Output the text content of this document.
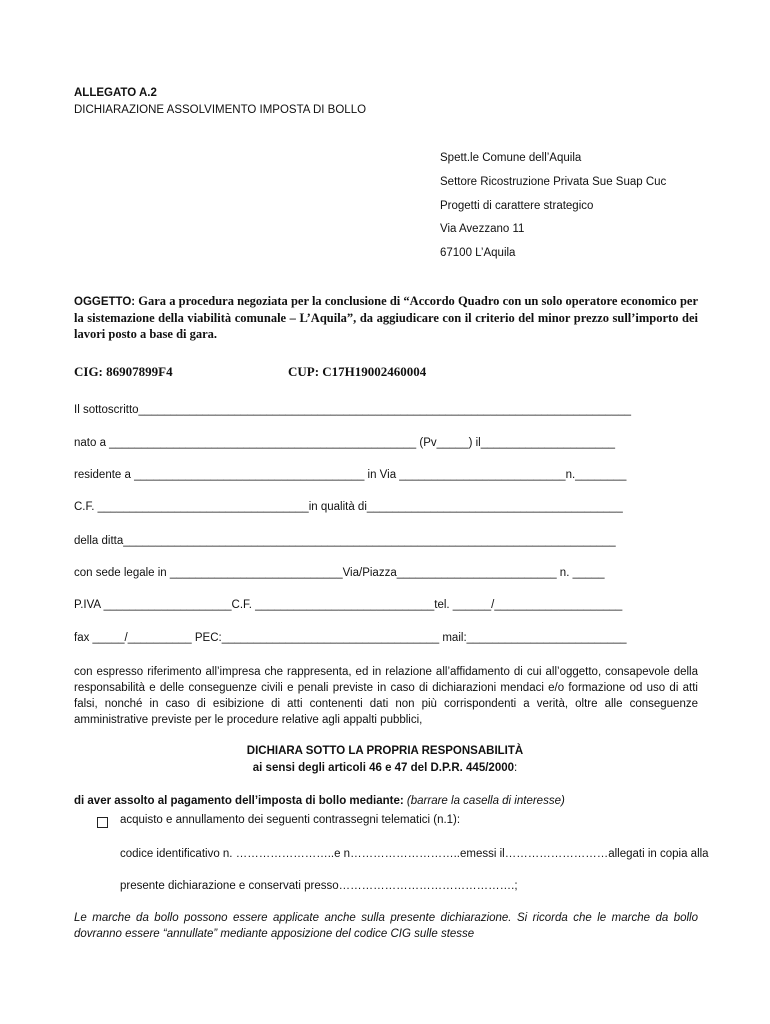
ALLEGATO A.2
DICHIARAZIONE ASSOLVIMENTO IMPOSTA DI BOLLO
Spett.le Comune dell’Aquila
Settore Ricostruzione Privata Sue Suap Cuc
Progetti di carattere strategico
Via Avezzano 11
67100 L’Aquila
OGGETTO: Gara a procedura negoziata per la conclusione di “Accordo Quadro con un solo operatore economico per la sistemazione della viabilità comunale – L’Aquila”, da aggiudicare con il criterio del minor prezzo sull’importo dei lavori posto a base di gara.
CIG: 86907899F4	CUP: C17H19002460004
Il sottoscritto_____________________________________________________________________________
nato a ________________________________________________ (Pv_____) il_____________________
residente a ____________________________________ in Via __________________________n.________
C.F. _________________________________in qualità di________________________________________
della ditta_____________________________________________________________________________
con sede legale in ___________________________Via/Piazza_________________________ n. _____
P.IVA ____________________C.F. ____________________________tel. ______/____________________
fax _____/__________ PEC:__________________________________ mail:_________________________
con espresso riferimento all’impresa che rappresenta, ed in relazione all’affidamento di cui all’oggetto, consapevole della responsabilità e delle conseguenze civili e penali previste in caso di dichiarazioni mendaci e/o formazione od uso di atti falsi, nonché in caso di esibizione di atti contenenti dati non più corrispondenti a verità, oltre alle conseguenze amministrative previste per le procedure relative agli appalti pubblici,
DICHIARA SOTTO LA PROPRIA RESPONSABILITÀ
ai sensi degli articoli 46 e 47 del D.P.R. 445/2000:
di aver assolto al pagamento dell’imposta di bollo mediante: (barrare la casella di interesse)
acquisto e annullamento dei seguenti contrassegni telematici (n.1):
codice identificativo n. ……………………..e n………………………..emessi il………………………allegati in copia alla
presente dichiarazione e conservati presso……………………………………….;
Le marche da bollo possono essere applicate anche sulla presente dichiarazione. Si ricorda che le marche da bollo dovranno essere “annullate” mediante apposizione del codice CIG sulle stesse
